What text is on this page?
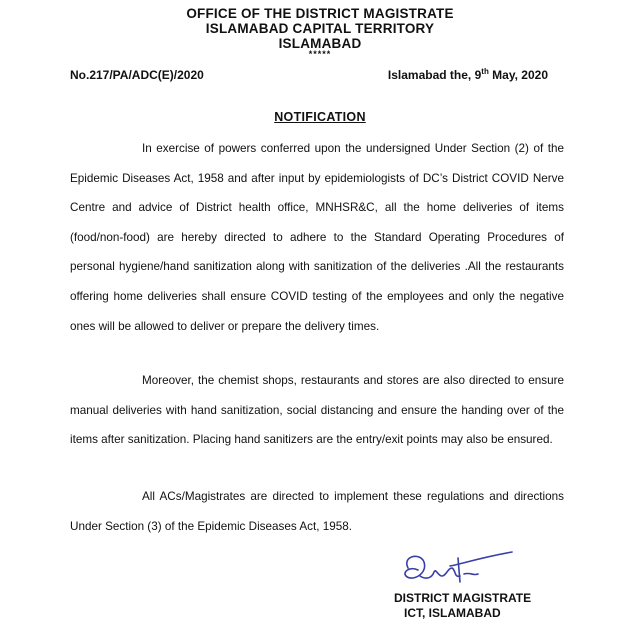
OFFICE OF THE DISTRICT MAGISTRATE
ISLAMABAD CAPITAL TERRITORY
ISLAMABAD
*****
No.217/PA/ADC(E)/2020	Islamabad the, 9th May, 2020
NOTIFICATION

In exercise of powers conferred upon the undersigned Under Section (2) of the Epidemic Diseases Act, 1958 and after input by epidemiologists of DC’s District COVID Nerve Centre and advice of District health office, MNHSR&C, all the home deliveries of items (food/non-food) are hereby directed to adhere to the Standard Operating Procedures of personal hygiene/hand sanitization along with sanitization of the deliveries .All the restaurants offering home deliveries shall ensure COVID testing of the employees and only the negative ones will be allowed to deliver or prepare the delivery times.

Moreover, the chemist shops, restaurants and stores are also directed to ensure manual deliveries with hand sanitization, social distancing and ensure the handing over of the items after sanitization. Placing hand sanitizers are the entry/exit points may also be ensured.

All ACs/Magistrates are directed to implement these regulations and directions Under Section (3) of the Epidemic Diseases Act, 1958.

DISTRICT MAGISTRATE
ICT, ISLAMABAD
